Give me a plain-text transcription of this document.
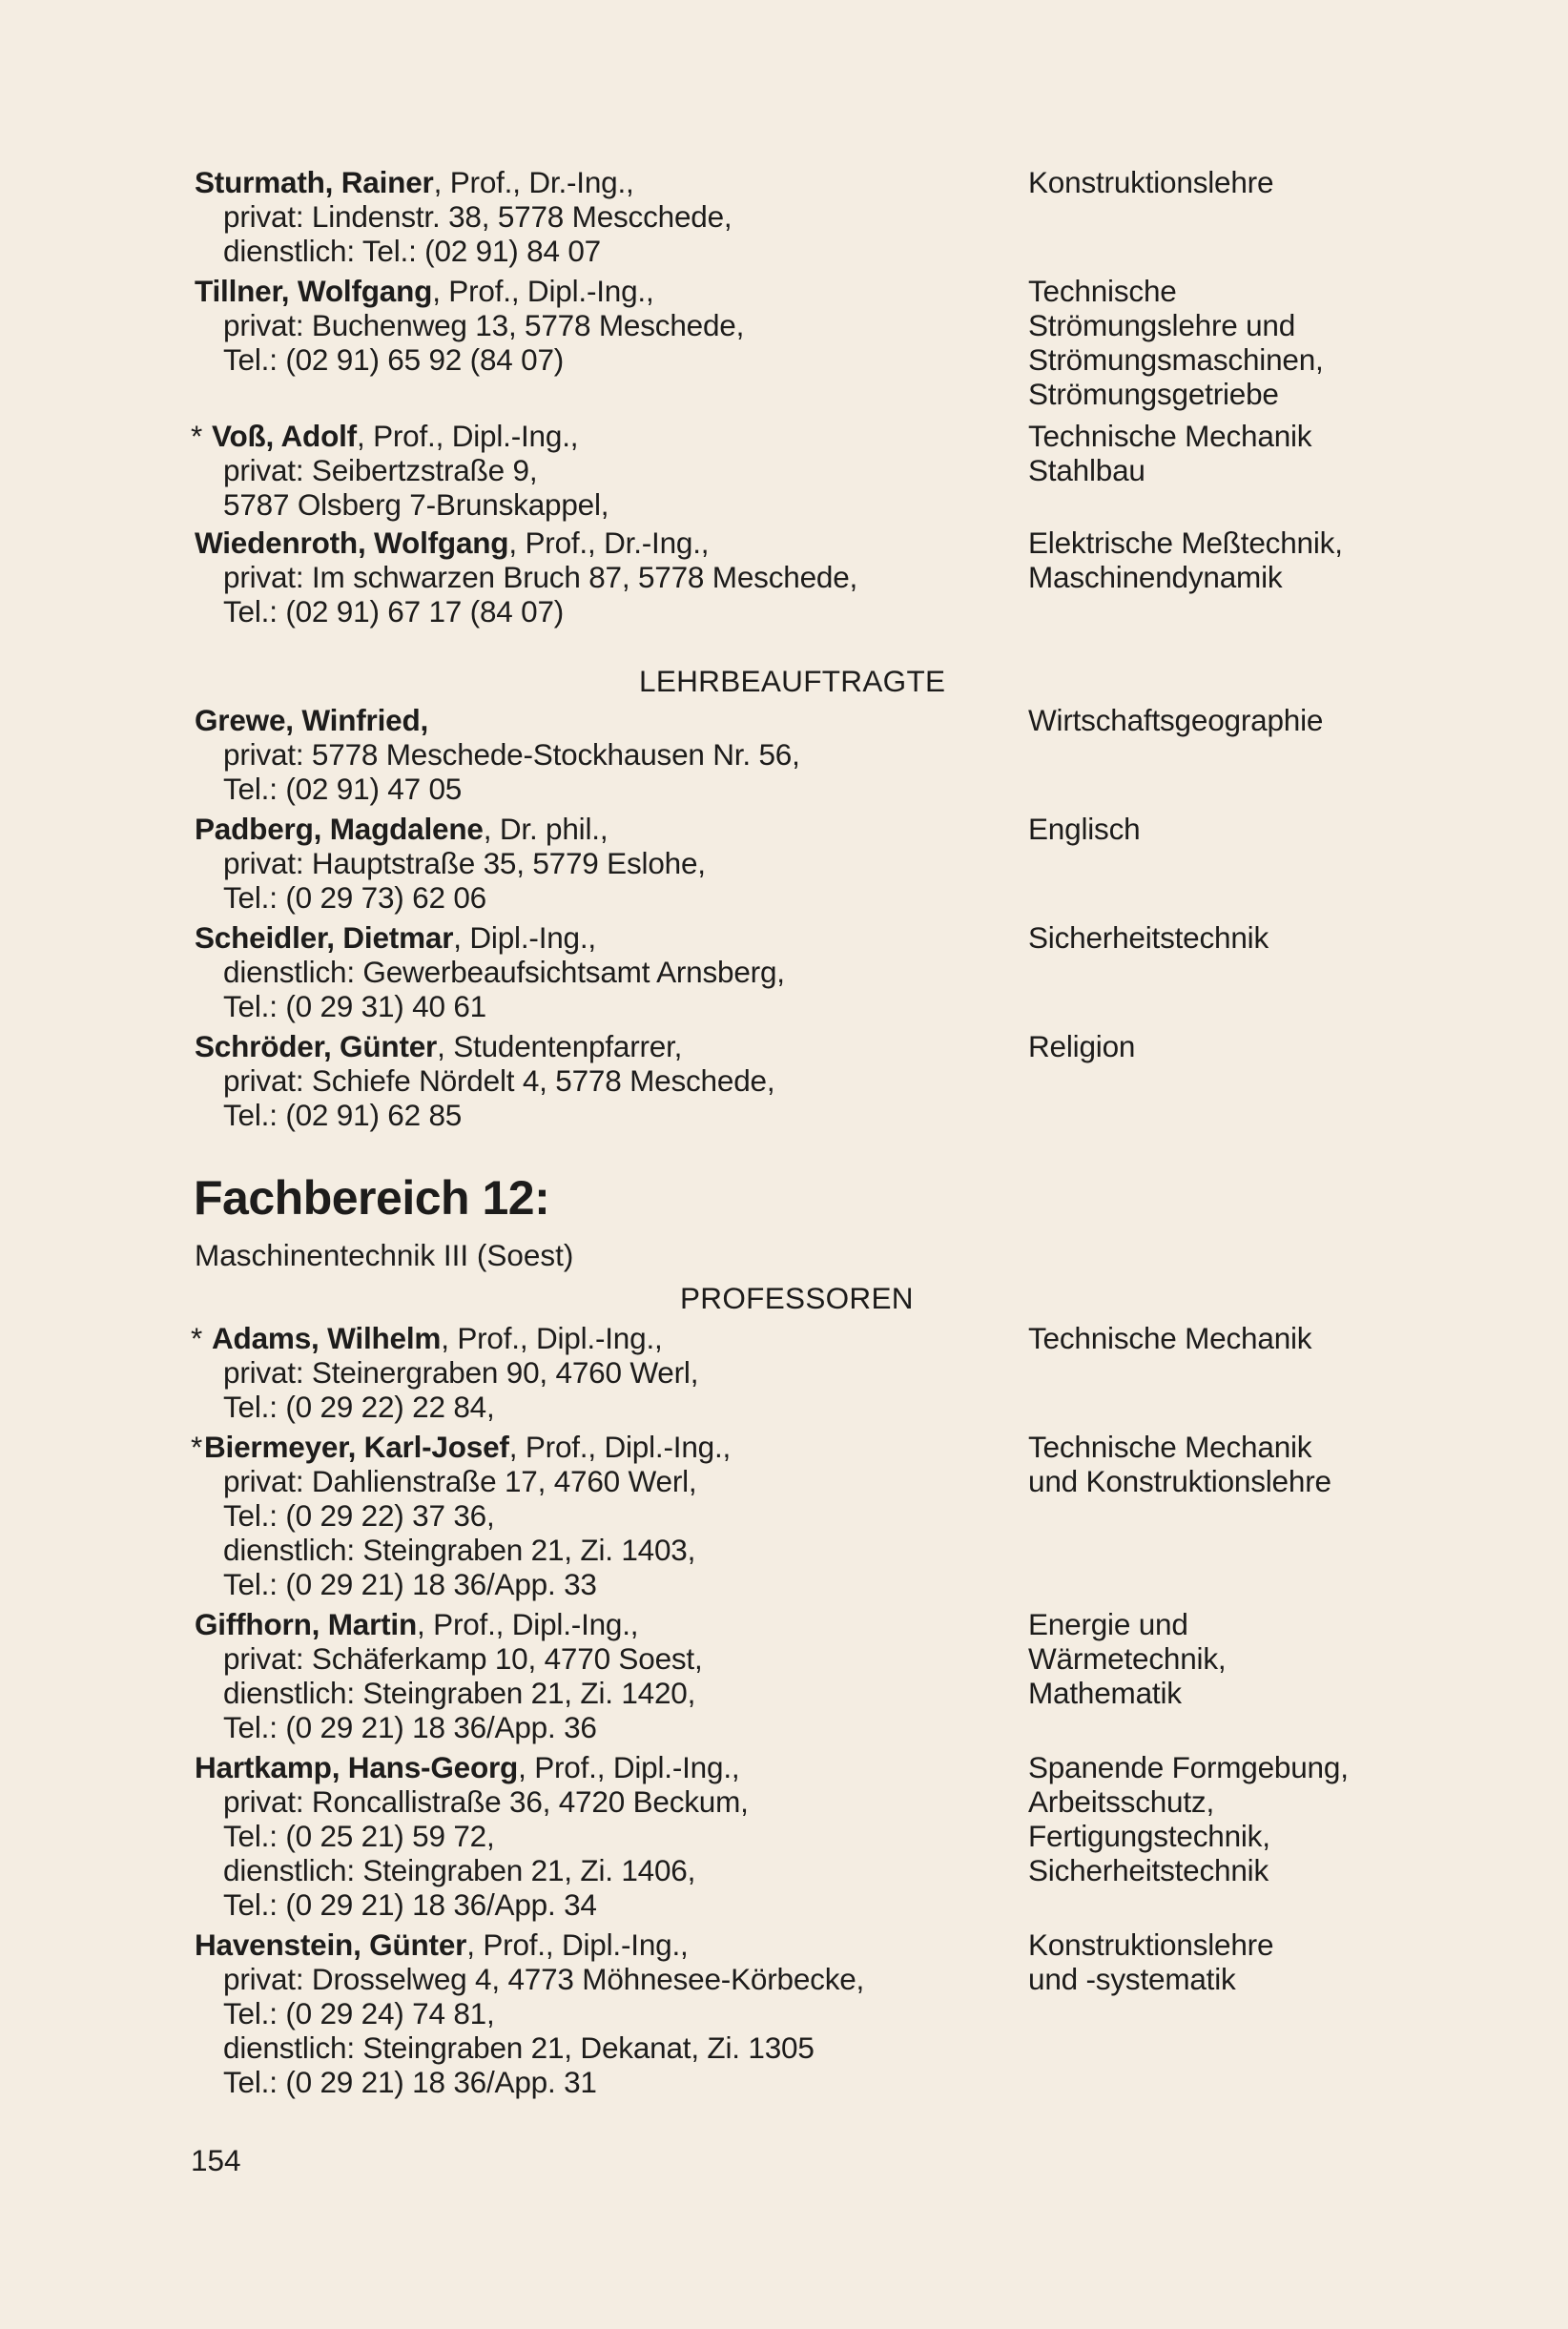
Sturmath, Rainer, Prof., Dr.-Ing.,
privat: Lindenstr. 38, 5778 Mescchede,
dienstlich: Tel.: (02 91) 84 07
Konstruktionslehre
Tillner, Wolfgang, Prof., Dipl.-Ing.,
privat: Buchenweg 13, 5778 Meschede,
Tel.: (02 91) 65 92 (84 07)
Technische
Strömungslehre und
Strömungsmaschinen,
Strömungsgetriebe
* Voß, Adolf, Prof., Dipl.-Ing.,
privat: Seibertzstraße 9,
5787 Olsberg 7-Brunskappel,
Technische Mechanik
Stahlbau
Wiedenroth, Wolfgang, Prof., Dr.-Ing.,
privat: Im schwarzen Bruch 87, 5778 Meschede,
Tel.: (02 91) 67 17 (84 07)
Elektrische Meßtechnik,
Maschinendynamik
LEHRBEAUFTRAGTE
Grewe, Winfried,
privat: 5778 Meschede-Stockhausen Nr. 56,
Tel.: (02 91) 47 05
Wirtschaftsgeographie
Padberg, Magdalene, Dr. phil.,
privat: Hauptstraße 35, 5779 Eslohe,
Tel.: (0 29 73) 62 06
Englisch
Scheidler, Dietmar, Dipl.-Ing.,
dienstlich: Gewerbeaufsichtsamt Arnsberg,
Tel.: (0 29 31) 40 61
Sicherheitstechnik
Schröder, Günter, Studentenpfarrer,
privat: Schiefe Nördelt 4, 5778 Meschede,
Tel.: (02 91) 62 85
Religion
Fachbereich 12:
Maschinentechnik III (Soest)
PROFESSOREN
* Adams, Wilhelm, Prof., Dipl.-Ing.,
privat: Steinergraben 90, 4760 Werl,
Tel.: (0 29 22) 22 84,
Technische Mechanik
*Biermeyer, Karl-Josef, Prof., Dipl.-Ing.,
privat: Dahlienstraße 17, 4760 Werl,
Tel.: (0 29 22) 37 36,
dienstlich: Steingraben 21, Zi. 1403,
Tel.: (0 29 21) 18 36/App. 33
Technische Mechanik
und Konstruktionslehre
Giffhorn, Martin, Prof., Dipl.-Ing.,
privat: Schäferkamp 10, 4770 Soest,
dienstlich: Steingraben 21, Zi. 1420,
Tel.: (0 29 21) 18 36/App. 36
Energie und
Wärmetechnik,
Mathematik
Hartkamp, Hans-Georg, Prof., Dipl.-Ing.,
privat: Roncallistraße 36, 4720 Beckum,
Tel.: (0 25 21) 59 72,
dienstlich: Steingraben 21, Zi. 1406,
Tel.: (0 29 21) 18 36/App. 34
Spanende Formgebung,
Arbeitsschutz,
Fertigungstechnik,
Sicherheitstechnik
Havenstein, Günter, Prof., Dipl.-Ing.,
privat: Drosselweg 4, 4773 Möhnesee-Körbecke,
Tel.: (0 29 24) 74 81,
dienstlich: Steingraben 21, Dekanat, Zi. 1305
Tel.: (0 29 21) 18 36/App. 31
Konstruktionslehre
und -systematik
154
